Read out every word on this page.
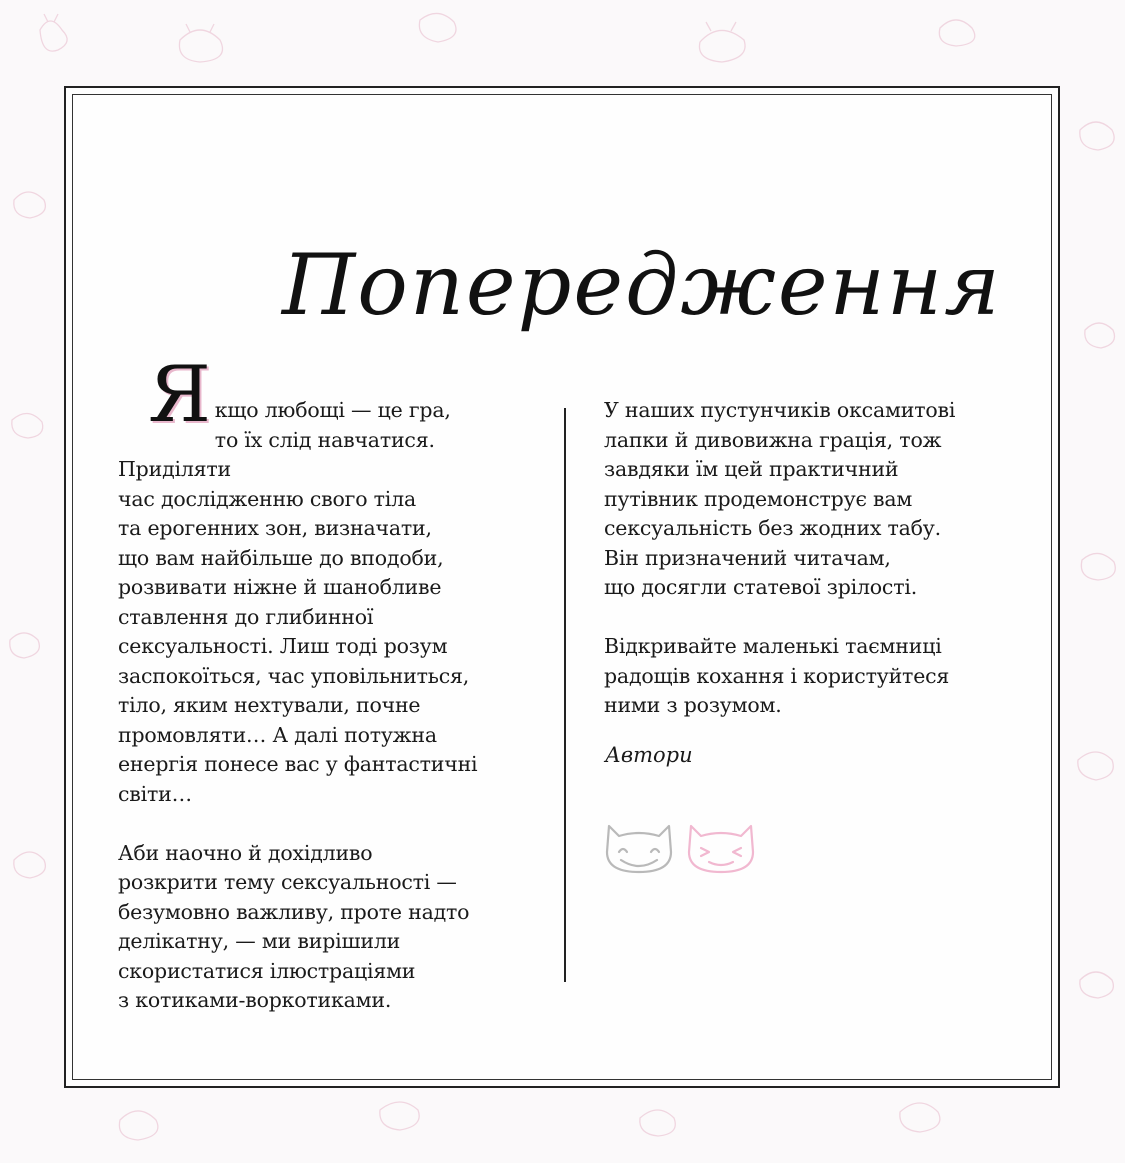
Попередження

Я кщо любощі — це гра,
то їх слід навчатися. Приділяти
час дослідженню свого тіла
та ерогенних зон, визначати,
що вам найбільше до вподоби,
розвивати ніжне й шанобливе
ставлення до глибинної
сексуальності. Лиш тоді розум
заспокоїться, час уповільниться,
тіло, яким нехтували, почне
промовляти… А далі потужна
енергія понесе вас у фантастичні
світи…

Аби наочно й дохідливо
розкрити тему сексуальності —
безумовно важливу, проте надто
делікатну, — ми вирішили
скористатися ілюстраціями
з котиками-воркотиками.

У наших пустунчиків оксамитові
лапки й дивовижна грація, тож
завдяки їм цей практичний
путівник продемонструє вам
сексуальність без жодних табу.
Він призначений читачам,
що досягли статевої зрілості.

Відкривайте маленькі таємниці
радощів кохання і користуйтеся
ними з розумом.

Автори
